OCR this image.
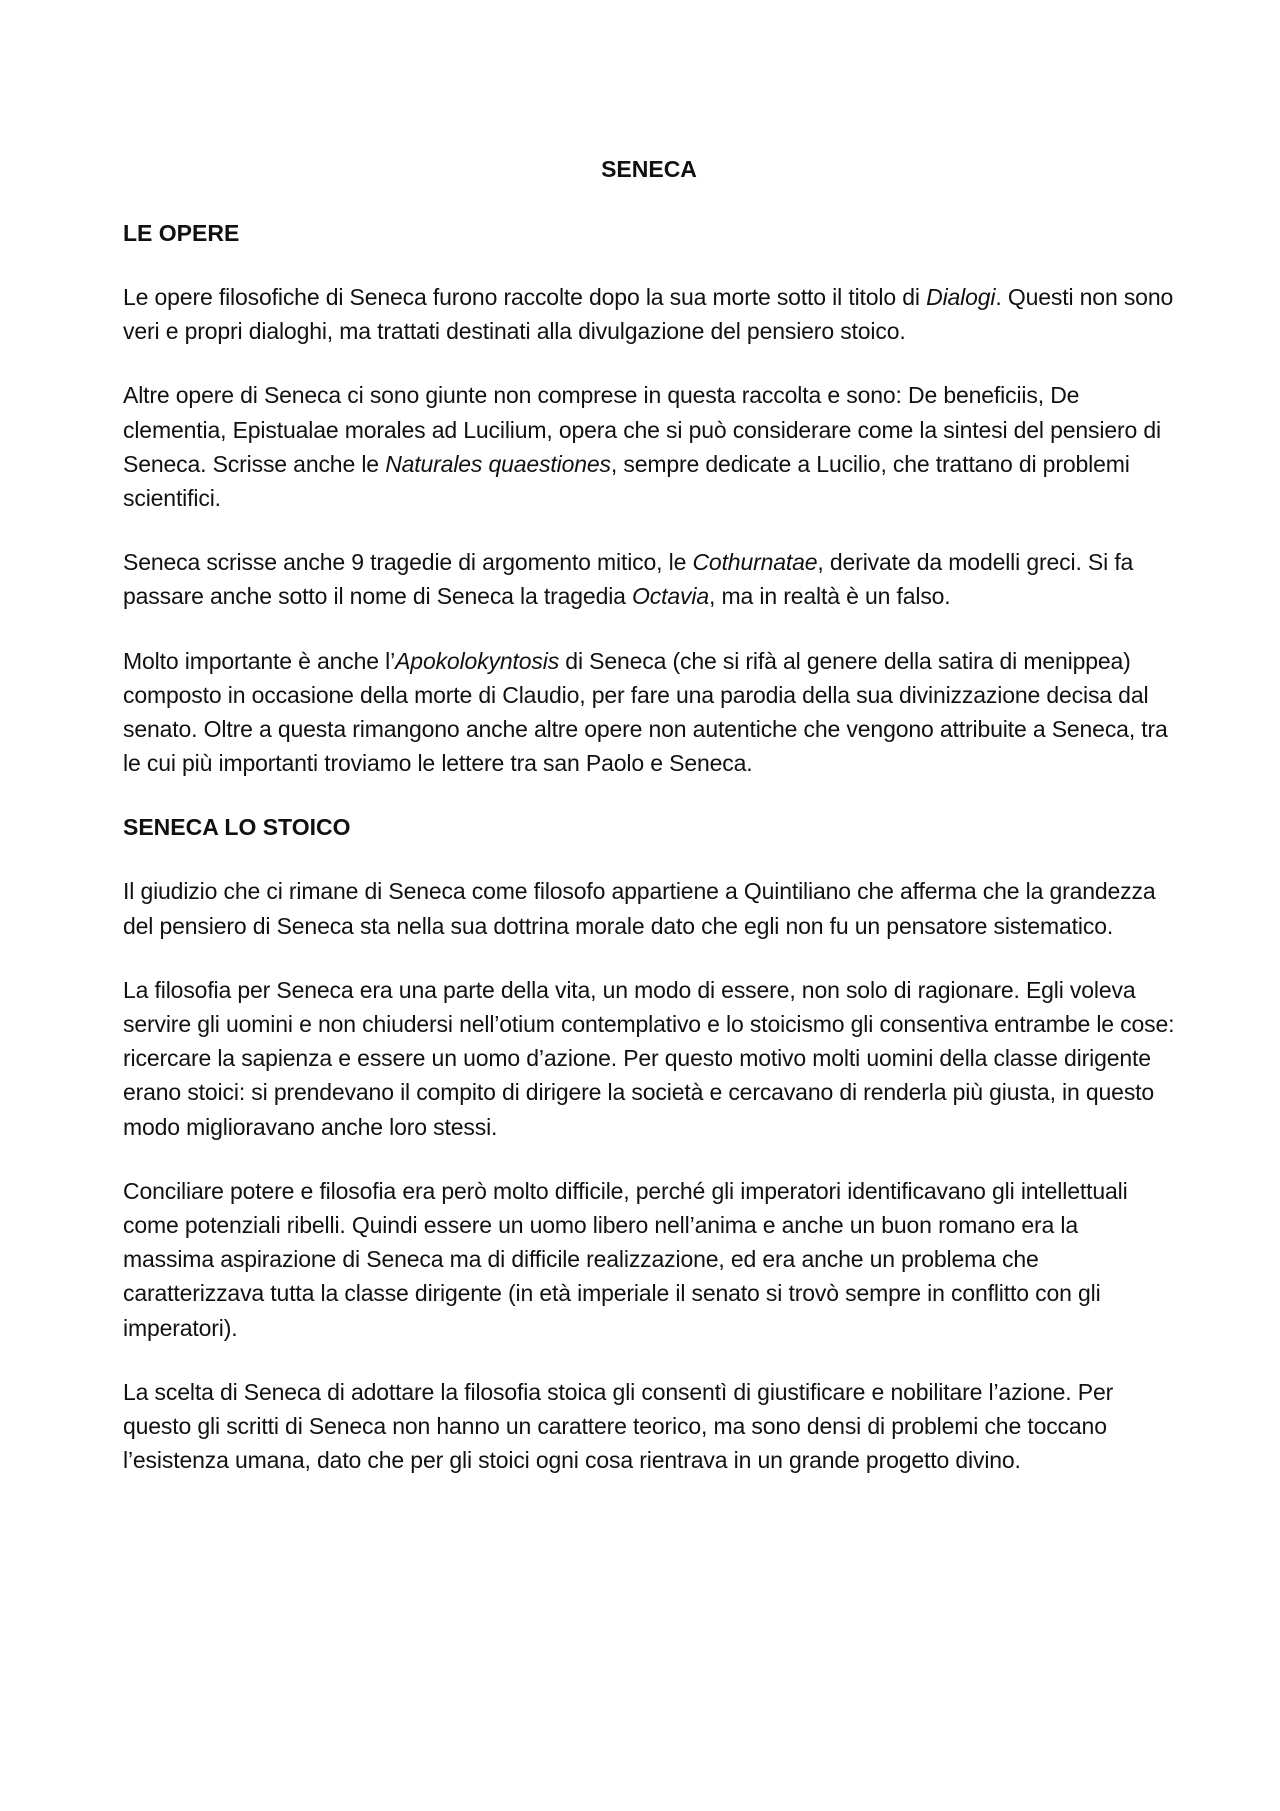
SENECA
LE OPERE

Le opere filosofiche di Seneca furono raccolte dopo la sua morte sotto il titolo di Dialogi. Questi non sono veri e propri dialoghi, ma trattati destinati alla divulgazione del pensiero stoico.

Altre opere di Seneca ci sono giunte non comprese in questa raccolta e sono: De beneficiis, De clementia, Epistualae morales ad Lucilium, opera che si può considerare come la sintesi del pensiero di Seneca. Scrisse anche le Naturales quaestiones, sempre dedicate a Lucilio, che trattano di problemi scientifici.

Seneca scrisse anche 9 tragedie di argomento mitico, le Cothurnatae, derivate da modelli greci. Si fa passare anche sotto il nome di Seneca la tragedia Octavia, ma in realtà è un falso.

Molto importante è anche l’Apokolokyntosis di Seneca (che si rifà al genere della satira di menippea) composto in occasione della morte di Claudio, per fare una parodia della sua divinizzazione decisa dal senato. Oltre a questa rimangono anche altre opere non autentiche che vengono attribuite a Seneca, tra le cui più importanti troviamo le lettere tra san Paolo e Seneca.

SENECA LO STOICO

Il giudizio che ci rimane di Seneca come filosofo appartiene a Quintiliano che afferma che la grandezza del pensiero di Seneca sta nella sua dottrina morale dato che egli non fu un pensatore sistematico.

La filosofia per Seneca era una parte della vita, un modo di essere, non solo di ragionare. Egli voleva servire gli uomini e non chiudersi nell’otium contemplativo e lo stoicismo gli consentiva entrambe le cose: ricercare la sapienza e essere un uomo d’azione. Per questo motivo molti uomini della classe dirigente erano stoici: si prendevano il compito di dirigere la società e cercavano di renderla più giusta, in questo modo miglioravano anche loro stessi.

Conciliare potere e filosofia era però molto difficile, perché gli imperatori identificavano gli intellettuali come potenziali ribelli. Quindi essere un uomo libero nell’anima e anche un buon romano era la massima aspirazione di Seneca ma di difficile realizzazione, ed era anche un problema che caratterizzava tutta la classe dirigente (in età imperiale il senato si trovò sempre in conflitto con gli imperatori).

La scelta di Seneca di adottare la filosofia stoica gli consentì di giustificare e nobilitare l’azione. Per questo gli scritti di Seneca non hanno un carattere teorico, ma sono densi di problemi che toccano l’esistenza umana, dato che per gli stoici ogni cosa rientrava in un grande progetto divino.
